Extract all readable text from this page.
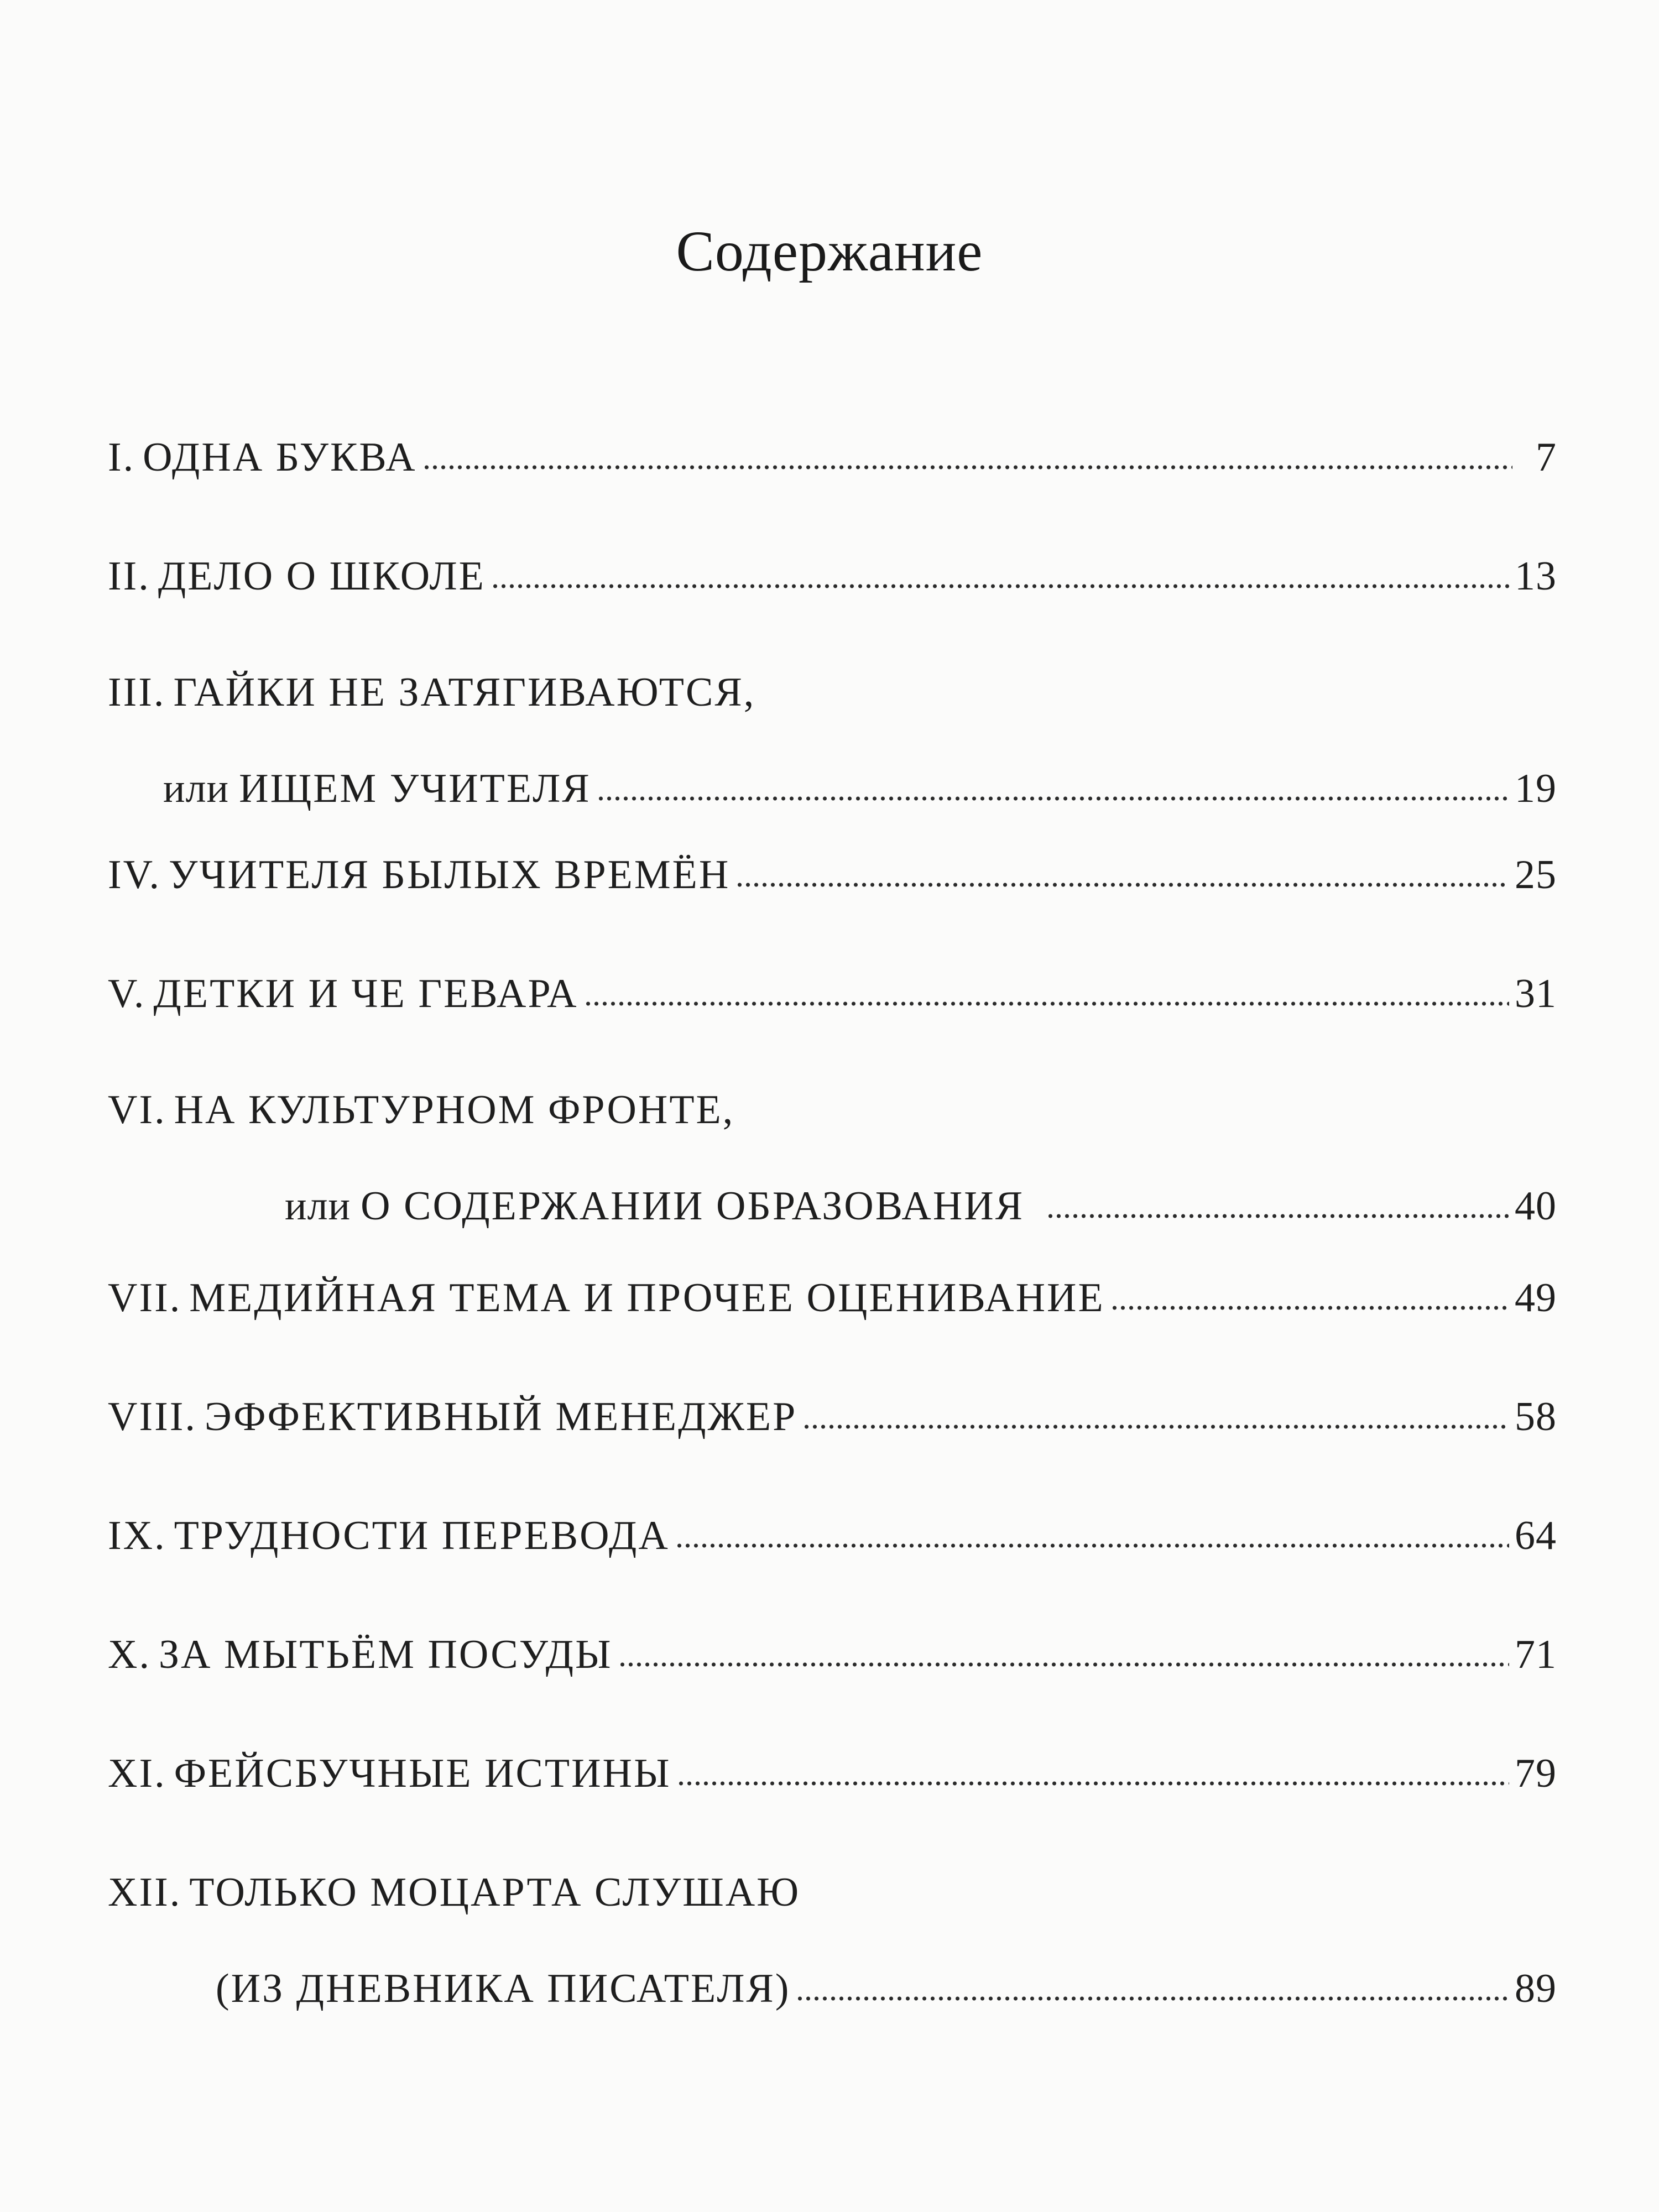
Содержание
I. ОДНА БУКВА	7
II. ДЕЛО О ШКОЛЕ	13
III. ГАЙКИ НЕ ЗАТЯГИВАЮТСЯ,
или ИЩЕМ УЧИТЕЛЯ	19
IV. УЧИТЕЛЯ БЫЛЫХ ВРЕМЁН	25
V. ДЕТКИ И ЧЕ ГЕВАРА	31
VI. НА КУЛЬТУРНОМ ФРОНТЕ,
или О СОДЕРЖАНИИ ОБРАЗОВАНИЯ	40
VII. МЕДИЙНАЯ ТЕМА И ПРОЧЕЕ ОЦЕНИВАНИЕ	49
VIII. ЭФФЕКТИВНЫЙ МЕНЕДЖЕР	58
IX. ТРУДНОСТИ ПЕРЕВОДА	64
X. ЗА МЫТЬЁМ ПОСУДЫ	71
XI. ФЕЙСБУЧНЫЕ ИСТИНЫ	79
XII. ТОЛЬКО МОЦАРТА СЛУШАЮ
(ИЗ ДНЕВНИКА ПИСАТЕЛЯ)	89
